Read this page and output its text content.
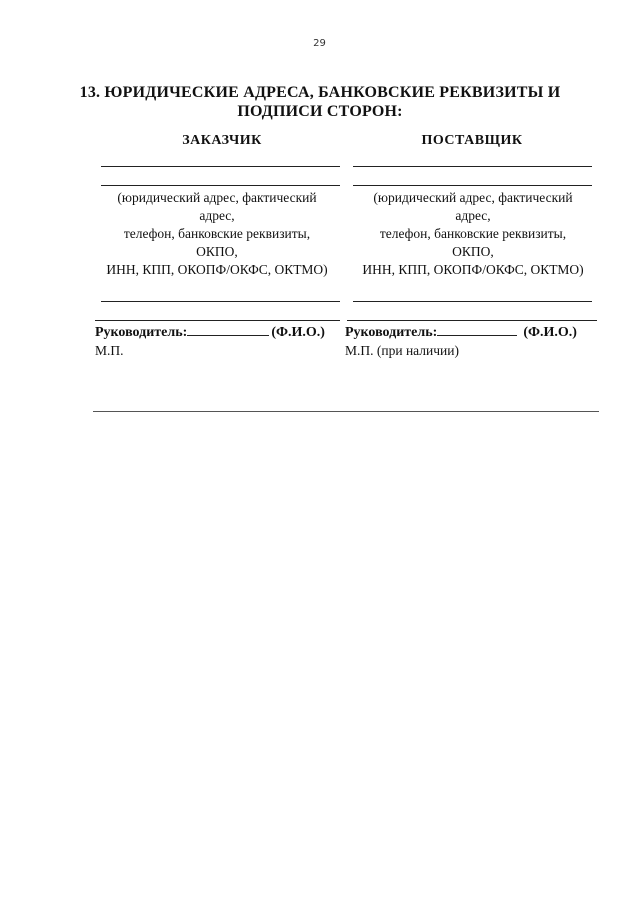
29
13. ЮРИДИЧЕСКИЕ АДРЕСА, БАНКОВСКИЕ РЕКВИЗИТЫ И
ПОДПИСИ СТОРОН:
ЗАКАЗЧИК
(юридический адрес, фактический
адрес,
телефон, банковские реквизиты,
ОКПО,
ИНН, КПП, ОКОПФ/ОКФС, ОКТМО)
ПОСТАВЩИК
(юридический адрес, фактический
адрес,
телефон, банковские реквизиты,
ОКПО,
ИНН, КПП, ОКОПФ/ОКФС, ОКТМО)
Руководитель:	(Ф.И.О.)
М.П.
Руководитель:	(Ф.И.О.)
М.П. (при наличии)
